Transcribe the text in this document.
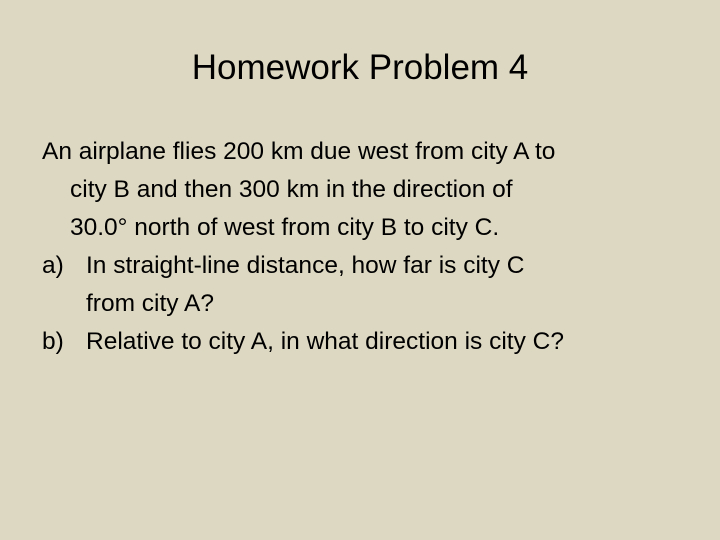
Homework Problem 4
An airplane flies 200 km due west from city A to
city B and then 300 km in the direction of
30.0° north of west from city B to city C.
a) In straight-line distance, how far is city C
from city A?
b) Relative to city A, in what direction is city C?
